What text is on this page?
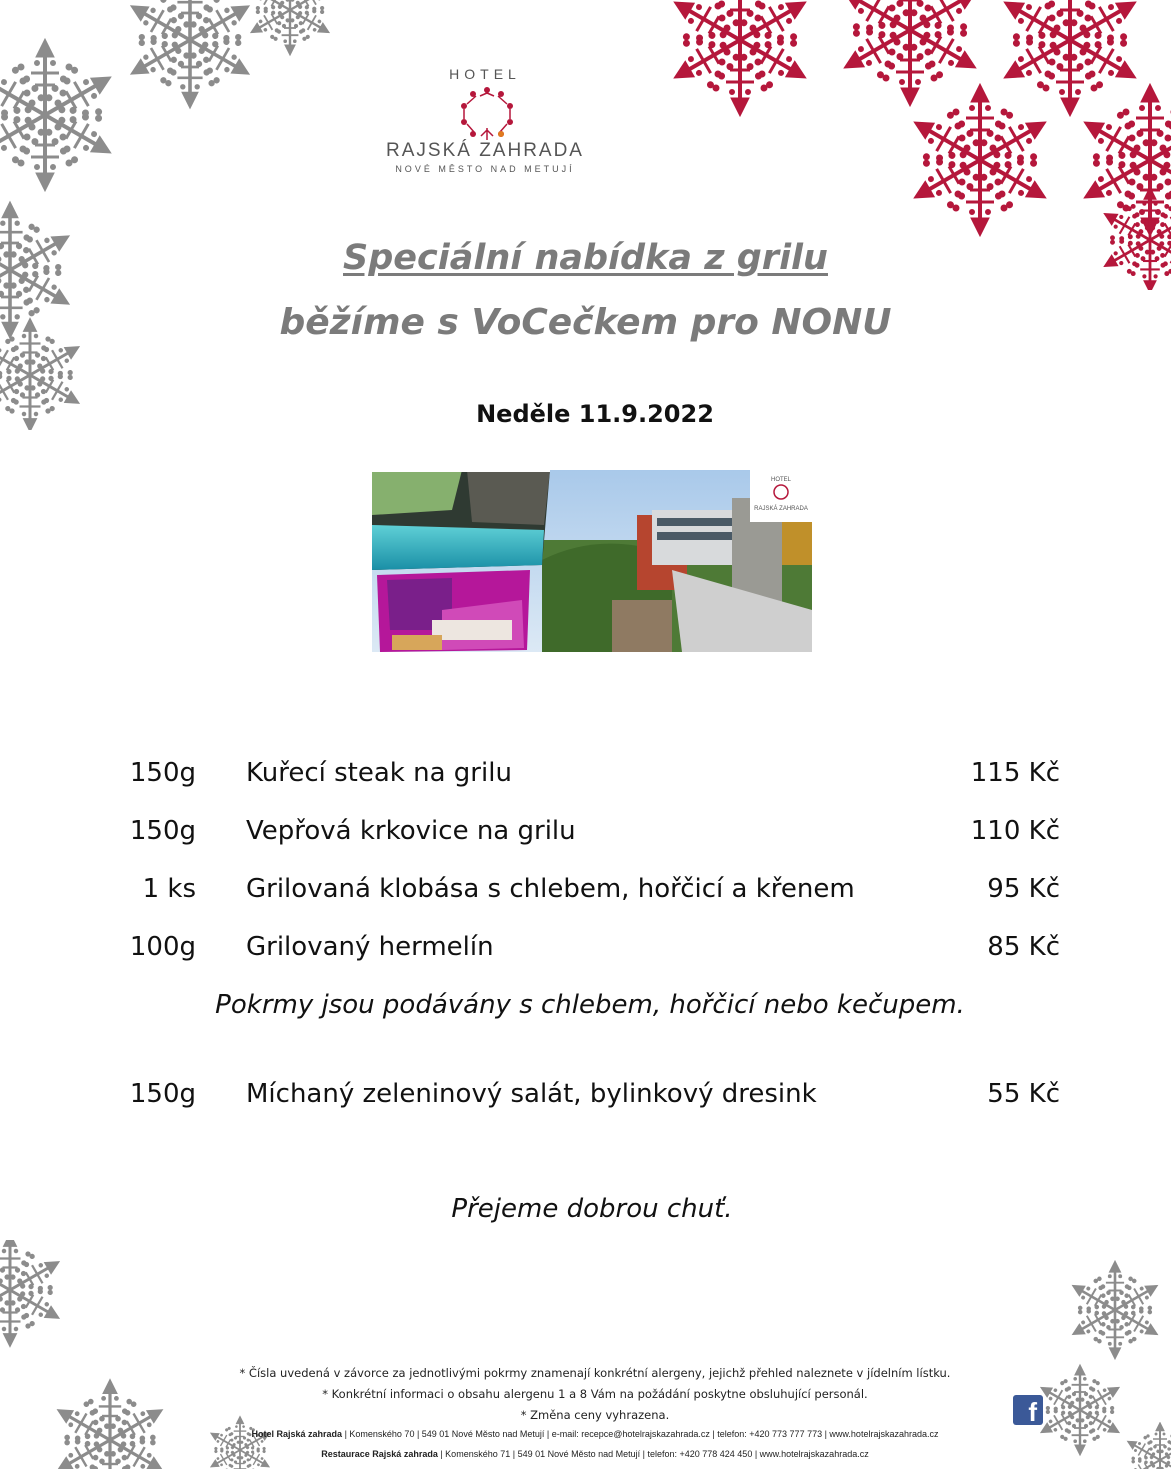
HOTEL
RAJSKÁ ZAHRADA
NOVÉ MĚSTO NAD METUJÍ
Speciální nabídka z grilu
běžíme s VoCečkem pro NONU
Neděle 11.9.2022
HOTEL
RAJSKÁ ZAHRADA
150g Kuřecí steak na grilu	115 Kč
150g Vepřová krkovice na grilu	110 Kč
1 ks Grilovaná klobása s chlebem, hořčicí a křenem	95 Kč
100g Grilovaný hermelín	85 Kč
Pokrmy jsou podávány s chlebem, hořčicí nebo kečupem.
150g Míchaný zeleninový salát, bylinkový dresink	55 Kč
Přejeme dobrou chuť.
* Čísla uvedená v závorce za jednotlivými pokrmy znamenají konkrétní alergeny, jejichž přehled naleznete v jídelním lístku.
* Konkrétní informaci o obsahu alergenu 1 a 8 Vám na požádání poskytne obsluhující personál.
* Změna ceny vyhrazena.
Hotel Rajská zahrada | Komenského 70 | 549 01 Nové Město nad Metují | e-mail: recepce@hotelrajskazahrada.cz | telefon: +420 773 777 773 | www.hotelrajskazahrada.cz
Restaurace Rajská zahrada | Komenského 71 | 549 01 Nové Město nad Metují | telefon: +420 778 424 450 | www.hotelrajskazahrada.cz
f
